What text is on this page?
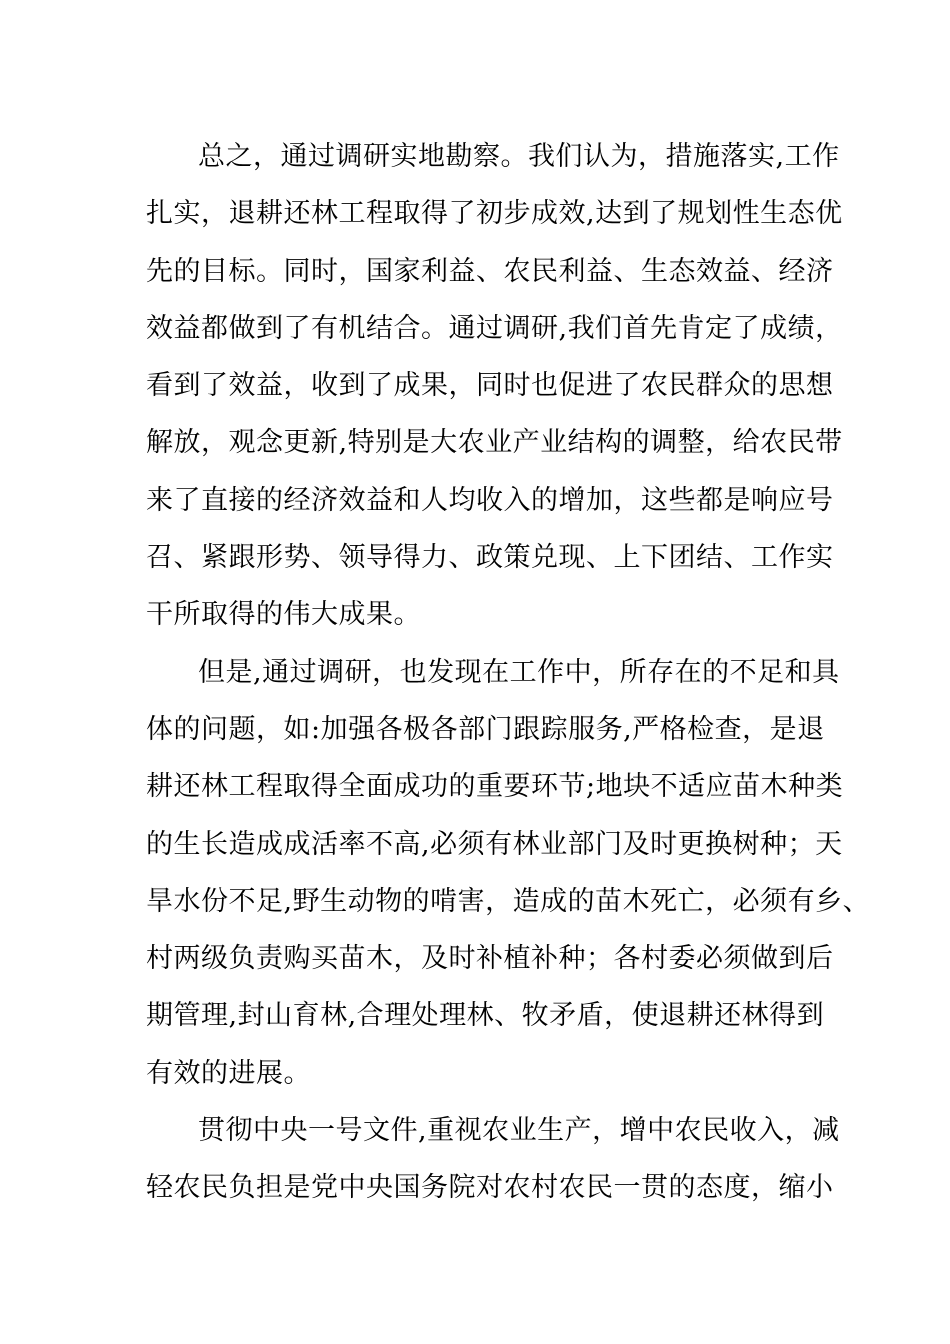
总之，通过调研实地勘察。我们认为，措施落实,工作
扎实，退耕还林工程取得了初步成效,达到了规划性生态优
先的目标。同时，国家利益、农民利益、生态效益、经济
效益都做到了有机结合。通过调研,我们首先肯定了成绩，
看到了效益，收到了成果，同时也促进了农民群众的思想
解放，观念更新,特别是大农业产业结构的调整，给农民带
来了直接的经济效益和人均收入的增加，这些都是响应号
召、紧跟形势、领导得力、政策兑现、上下团结、工作实
干所取得的伟大成果。
但是,通过调研，也发现在工作中，所存在的不足和具
体的问题，如:加强各极各部门跟踪服务,严格检查，是退
耕还林工程取得全面成功的重要环节;地块不适应苗木种类
的生长造成成活率不高,必须有林业部门及时更换树种；天
旱水份不足,野生动物的啃害，造成的苗木死亡，必须有乡、
村两级负责购买苗木，及时补植补种；各村委必须做到后
期管理,封山育林,合理处理林、牧矛盾，使退耕还林得到
有效的进展。
贯彻中央一号文件,重视农业生产，增中农民收入，减
轻农民负担是党中央国务院对农村农民一贯的态度，缩小
